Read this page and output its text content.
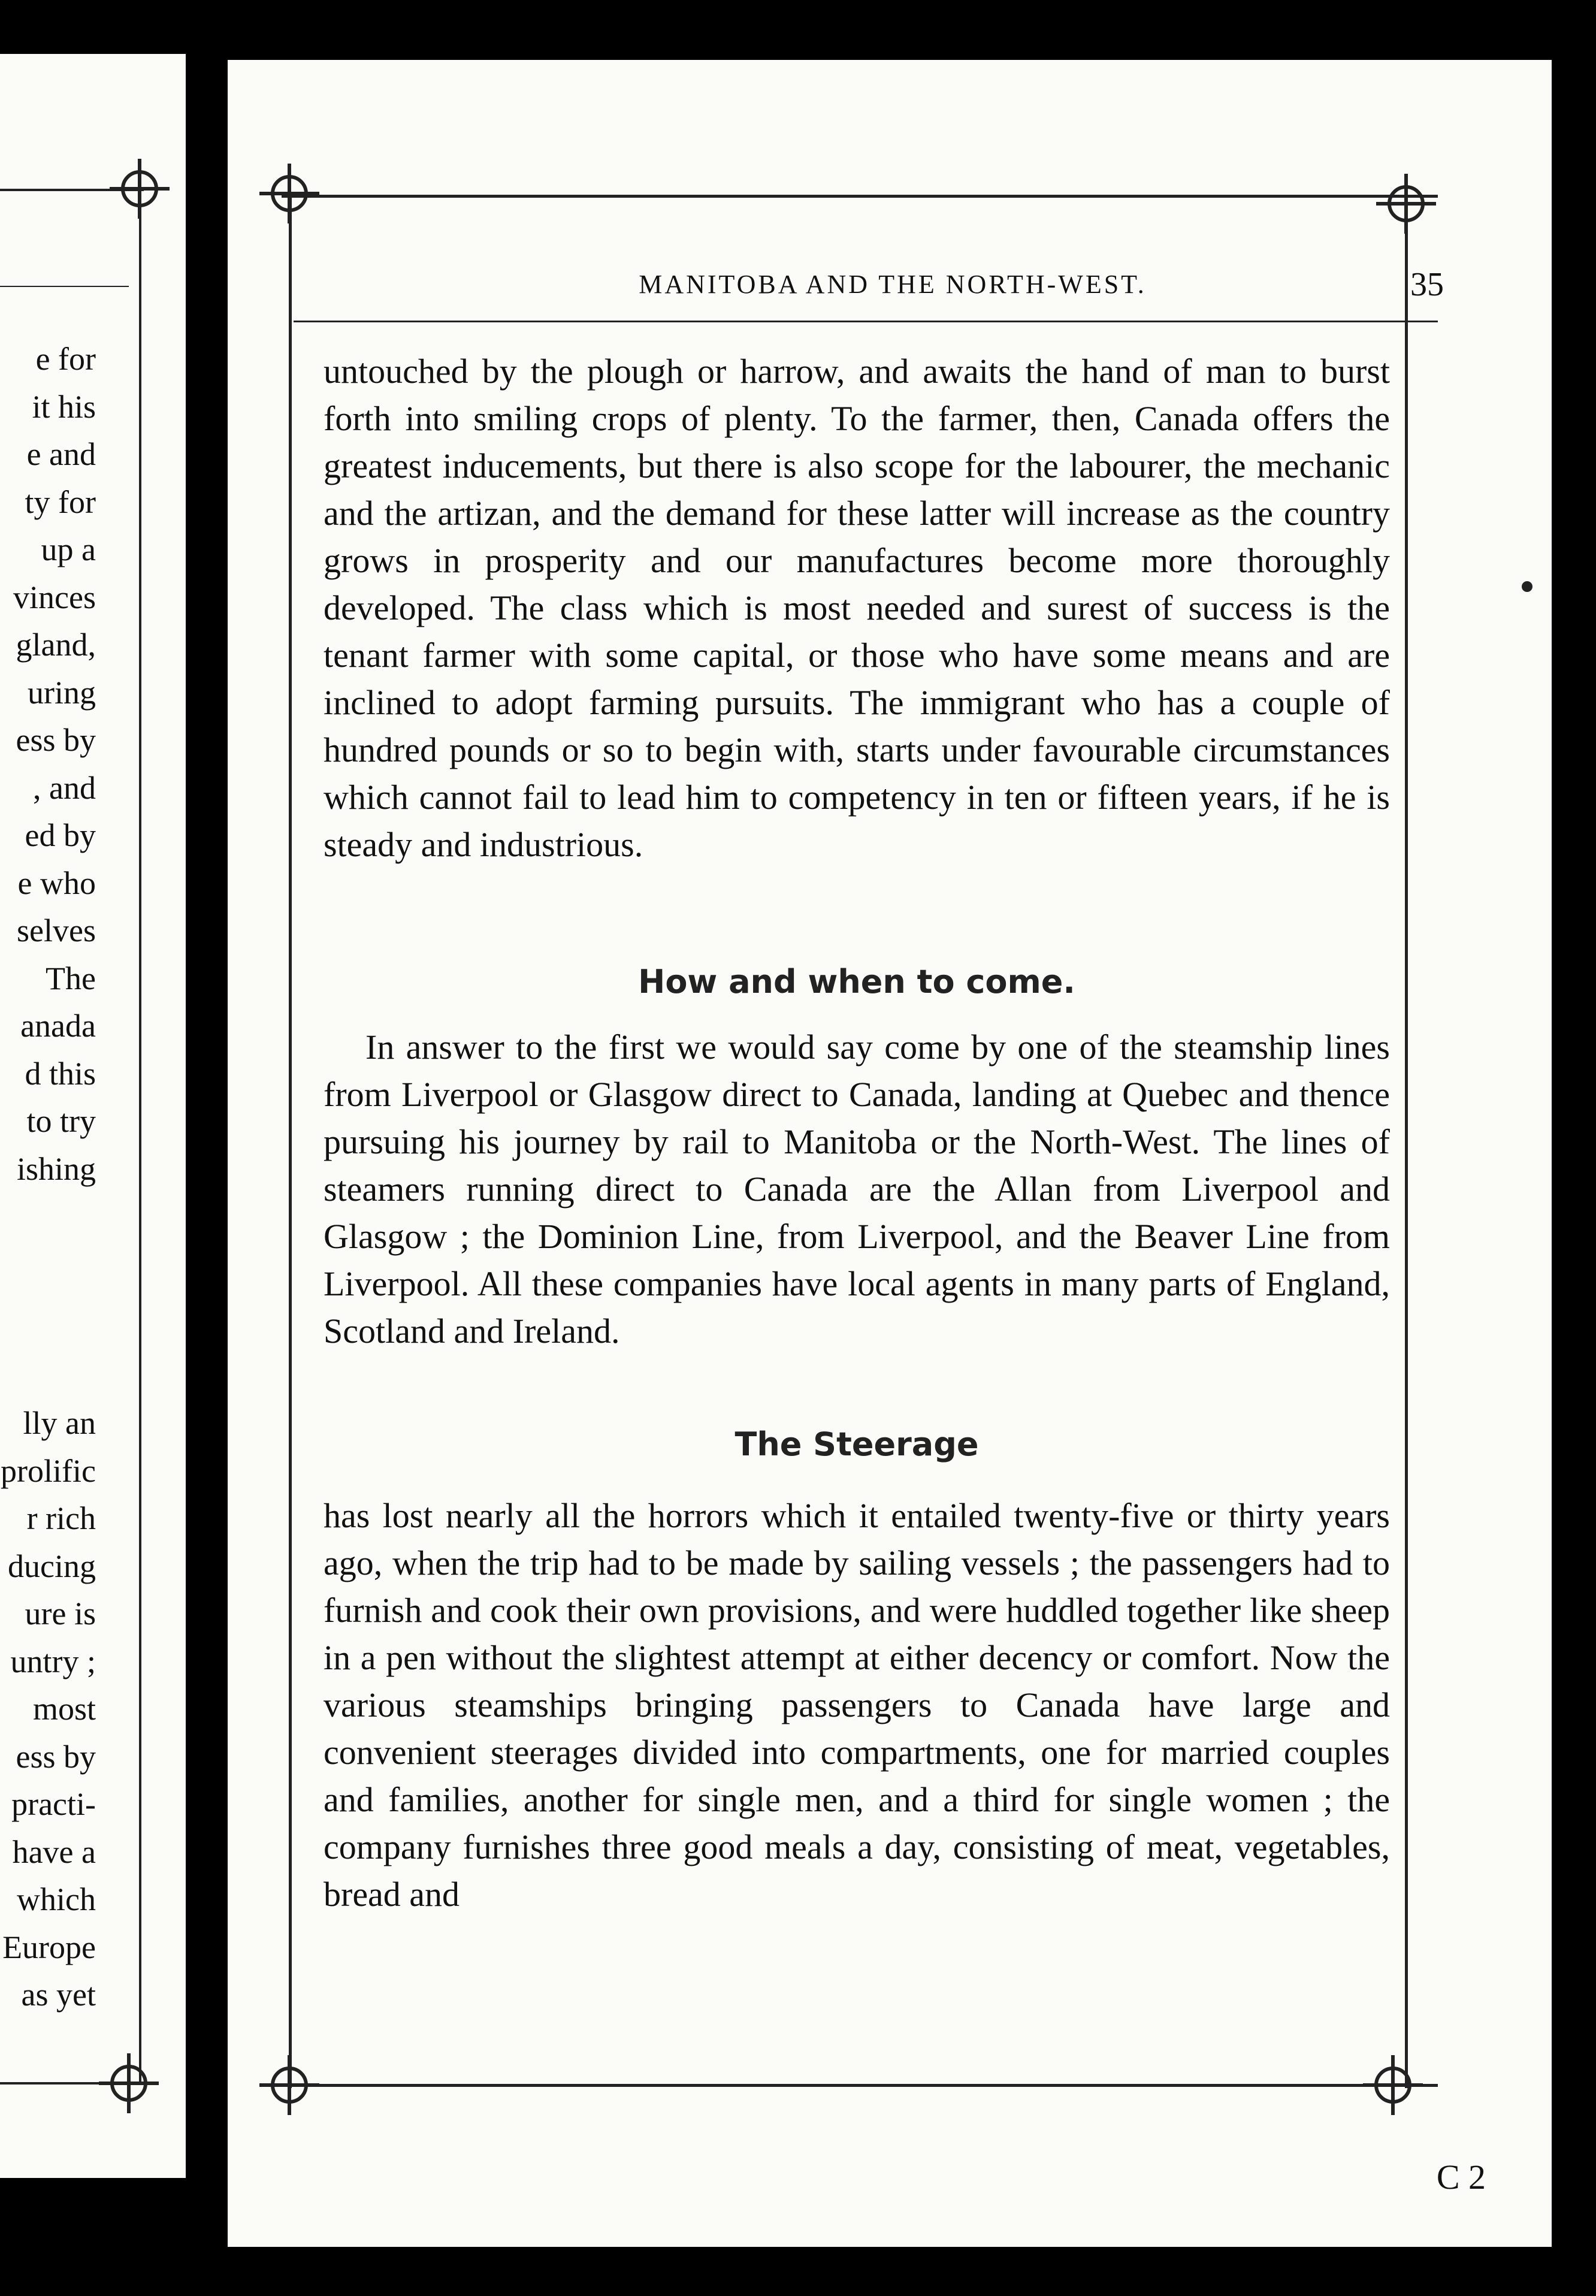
e for
it his
e and
ty for
up a
vinces
gland,
uring
ess by
, and
ed by
e who
selves
The
anada
d this
to try
ishing
lly an
prolific
r rich
ducing
ure is
untry ;
most
ess by
practi-
have a
which
Europe
as yet
MANITOBA AND THE NORTH-WEST.	35

untouched by the plough or harrow, and awaits the hand of man to burst forth into smiling crops of plenty. To the farmer, then, Canada offers the greatest inducements, but there is also scope for the labourer, the mechanic and the artizan, and the demand for these latter will increase as the country grows in prosperity and our manufactures become more thoroughly developed. The class which is most needed and surest of success is the tenant farmer with some capital, or those who have some means and are inclined to adopt farming pursuits. The immigrant who has a couple of hundred pounds or so to begin with, starts under favourable circumstances which cannot fail to lead him to competency in ten or fifteen years, if he is steady and industrious.

How and when to come.

In answer to the first we would say come by one of the steamship lines from Liverpool or Glasgow direct to Canada, landing at Quebec and thence pursuing his journey by rail to Manitoba or the North-West. The lines of steamers running direct to Canada are the Allan from Liverpool and Glasgow ; the Dominion Line, from Liverpool, and the Beaver Line from Liverpool. All these companies have local agents in many parts of England, Scotland and Ireland.

The Steerage

has lost nearly all the horrors which it entailed twenty-five or thirty years ago, when the trip had to be made by sailing vessels ; the passengers had to furnish and cook their own provisions, and were huddled together like sheep in a pen without the slightest attempt at either decency or comfort. Now the various steamships bringing passengers to Canada have large and convenient steerages divided into compartments, one for married couples and families, another for single men, and a third for single women ; the company furnishes three good meals a day, consisting of meat, vegetables, bread and

C 2
